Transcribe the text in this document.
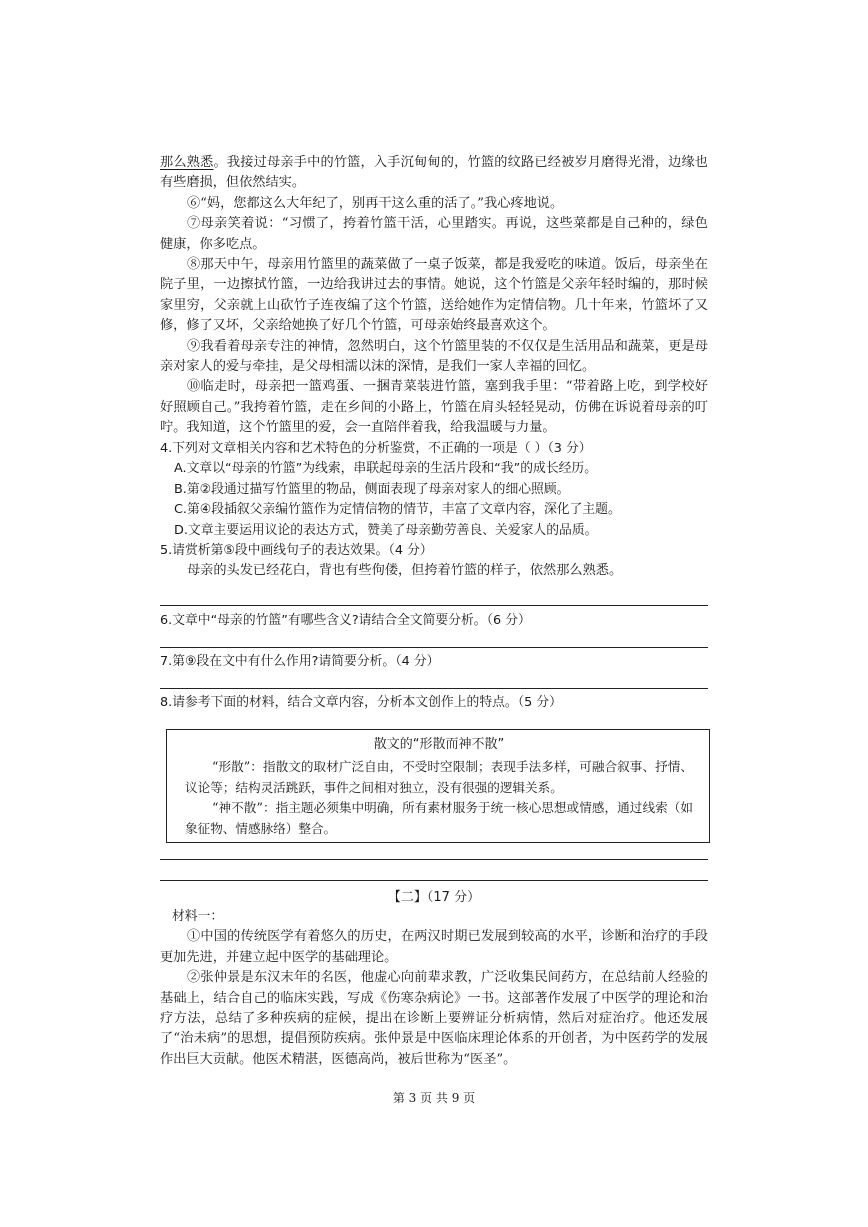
那么熟悉。我接过母亲手中的竹篮，入手沉甸甸的，竹篮的纹路已经被岁月磨得光滑，边缘也有些磨损，但依然结实。

⑥“妈，您都这么大年纪了，别再干这么重的活了。”我心疼地说。

⑦母亲笑着说：“习惯了，挎着竹篮干活，心里踏实。再说，这些菜都是自己种的，绿色健康，你多吃点。

⑧那天中午，母亲用竹篮里的蔬菜做了一桌子饭菜，都是我爱吃的味道。饭后，母亲坐在院子里，一边擦拭竹篮，一边给我讲过去的事情。她说，这个竹篮是父亲年轻时编的，那时候家里穷，父亲就上山砍竹子连夜编了这个竹篮，送给她作为定情信物。几十年来，竹篮坏了又修，修了又坏，父亲给她换了好几个竹篮，可母亲始终最喜欢这个。

⑨我看着母亲专注的神情，忽然明白，这个竹篮里装的不仅仅是生活用品和蔬菜，更是母亲对家人的爱与牵挂，是父母相濡以沫的深情，是我们一家人幸福的回忆。

⑩临走时，母亲把一篮鸡蛋、一捆青菜装进竹篮，塞到我手里：“带着路上吃，到学校好好照顾自己。”我挎着竹篮，走在乡间的小路上，竹篮在肩头轻轻晃动，仿佛在诉说着母亲的叮咛。我知道，这个竹篮里的爱，会一直陪伴着我，给我温暖与力量。

4.下列对文章相关内容和艺术特色的分析鉴赏，不正确的一项是（ ）（3 分）

A.文章以“母亲的竹篮”为线索，串联起母亲的生活片段和“我”的成长经历。

B.第②段通过描写竹篮里的物品，侧面表现了母亲对家人的细心照顾。

C.第④段插叙父亲编竹篮作为定情信物的情节，丰富了文章内容，深化了主题。

D.文章主要运用议论的表达方式，赞美了母亲勤劳善良、关爱家人的品质。

5.请赏析第⑤段中画线句子的表达效果。（4 分）

母亲的头发已经花白，背也有些佝偻，但挎着竹篮的样子，依然那么熟悉。

6.文章中“母亲的竹篮”有哪些含义?请结合全文简要分析。（6 分）

7.第⑨段在文中有什么作用?请简要分析。（4 分）

8.请参考下面的材料，结合文章内容，分析本文创作上的特点。（5 分）

散文的“形散而神不散”

“形散”：指散文的取材广泛自由，不受时空限制；表现手法多样，可融合叙事、抒情、议论等；结构灵活跳跃，事件之间相对独立，没有很强的逻辑关系。

“神不散”：指主题必须集中明确，所有素材服务于统一核心思想或情感，通过线索（如象征物、情感脉络）整合。

【二】（17 分）

材料一：

①中国的传统医学有着悠久的历史，在两汉时期已发展到较高的水平，诊断和治疗的手段更加先进，并建立起中医学的基础理论。

②张仲景是东汉末年的名医，他虚心向前辈求教，广泛收集民间药方，在总结前人经验的基础上，结合自己的临床实践，写成《伤寒杂病论》一书。这部著作发展了中医学的理论和治疗方法，总结了多种疾病的症候，提出在诊断上要辨证分析病情，然后对症治疗。他还发展了“治未病”的思想，提倡预防疾病。张仲景是中医临床理论体系的开创者，为中医药学的发展作出巨大贡献。他医术精湛，医德高尚，被后世称为“医圣”。

第 3 页 共 9 页
